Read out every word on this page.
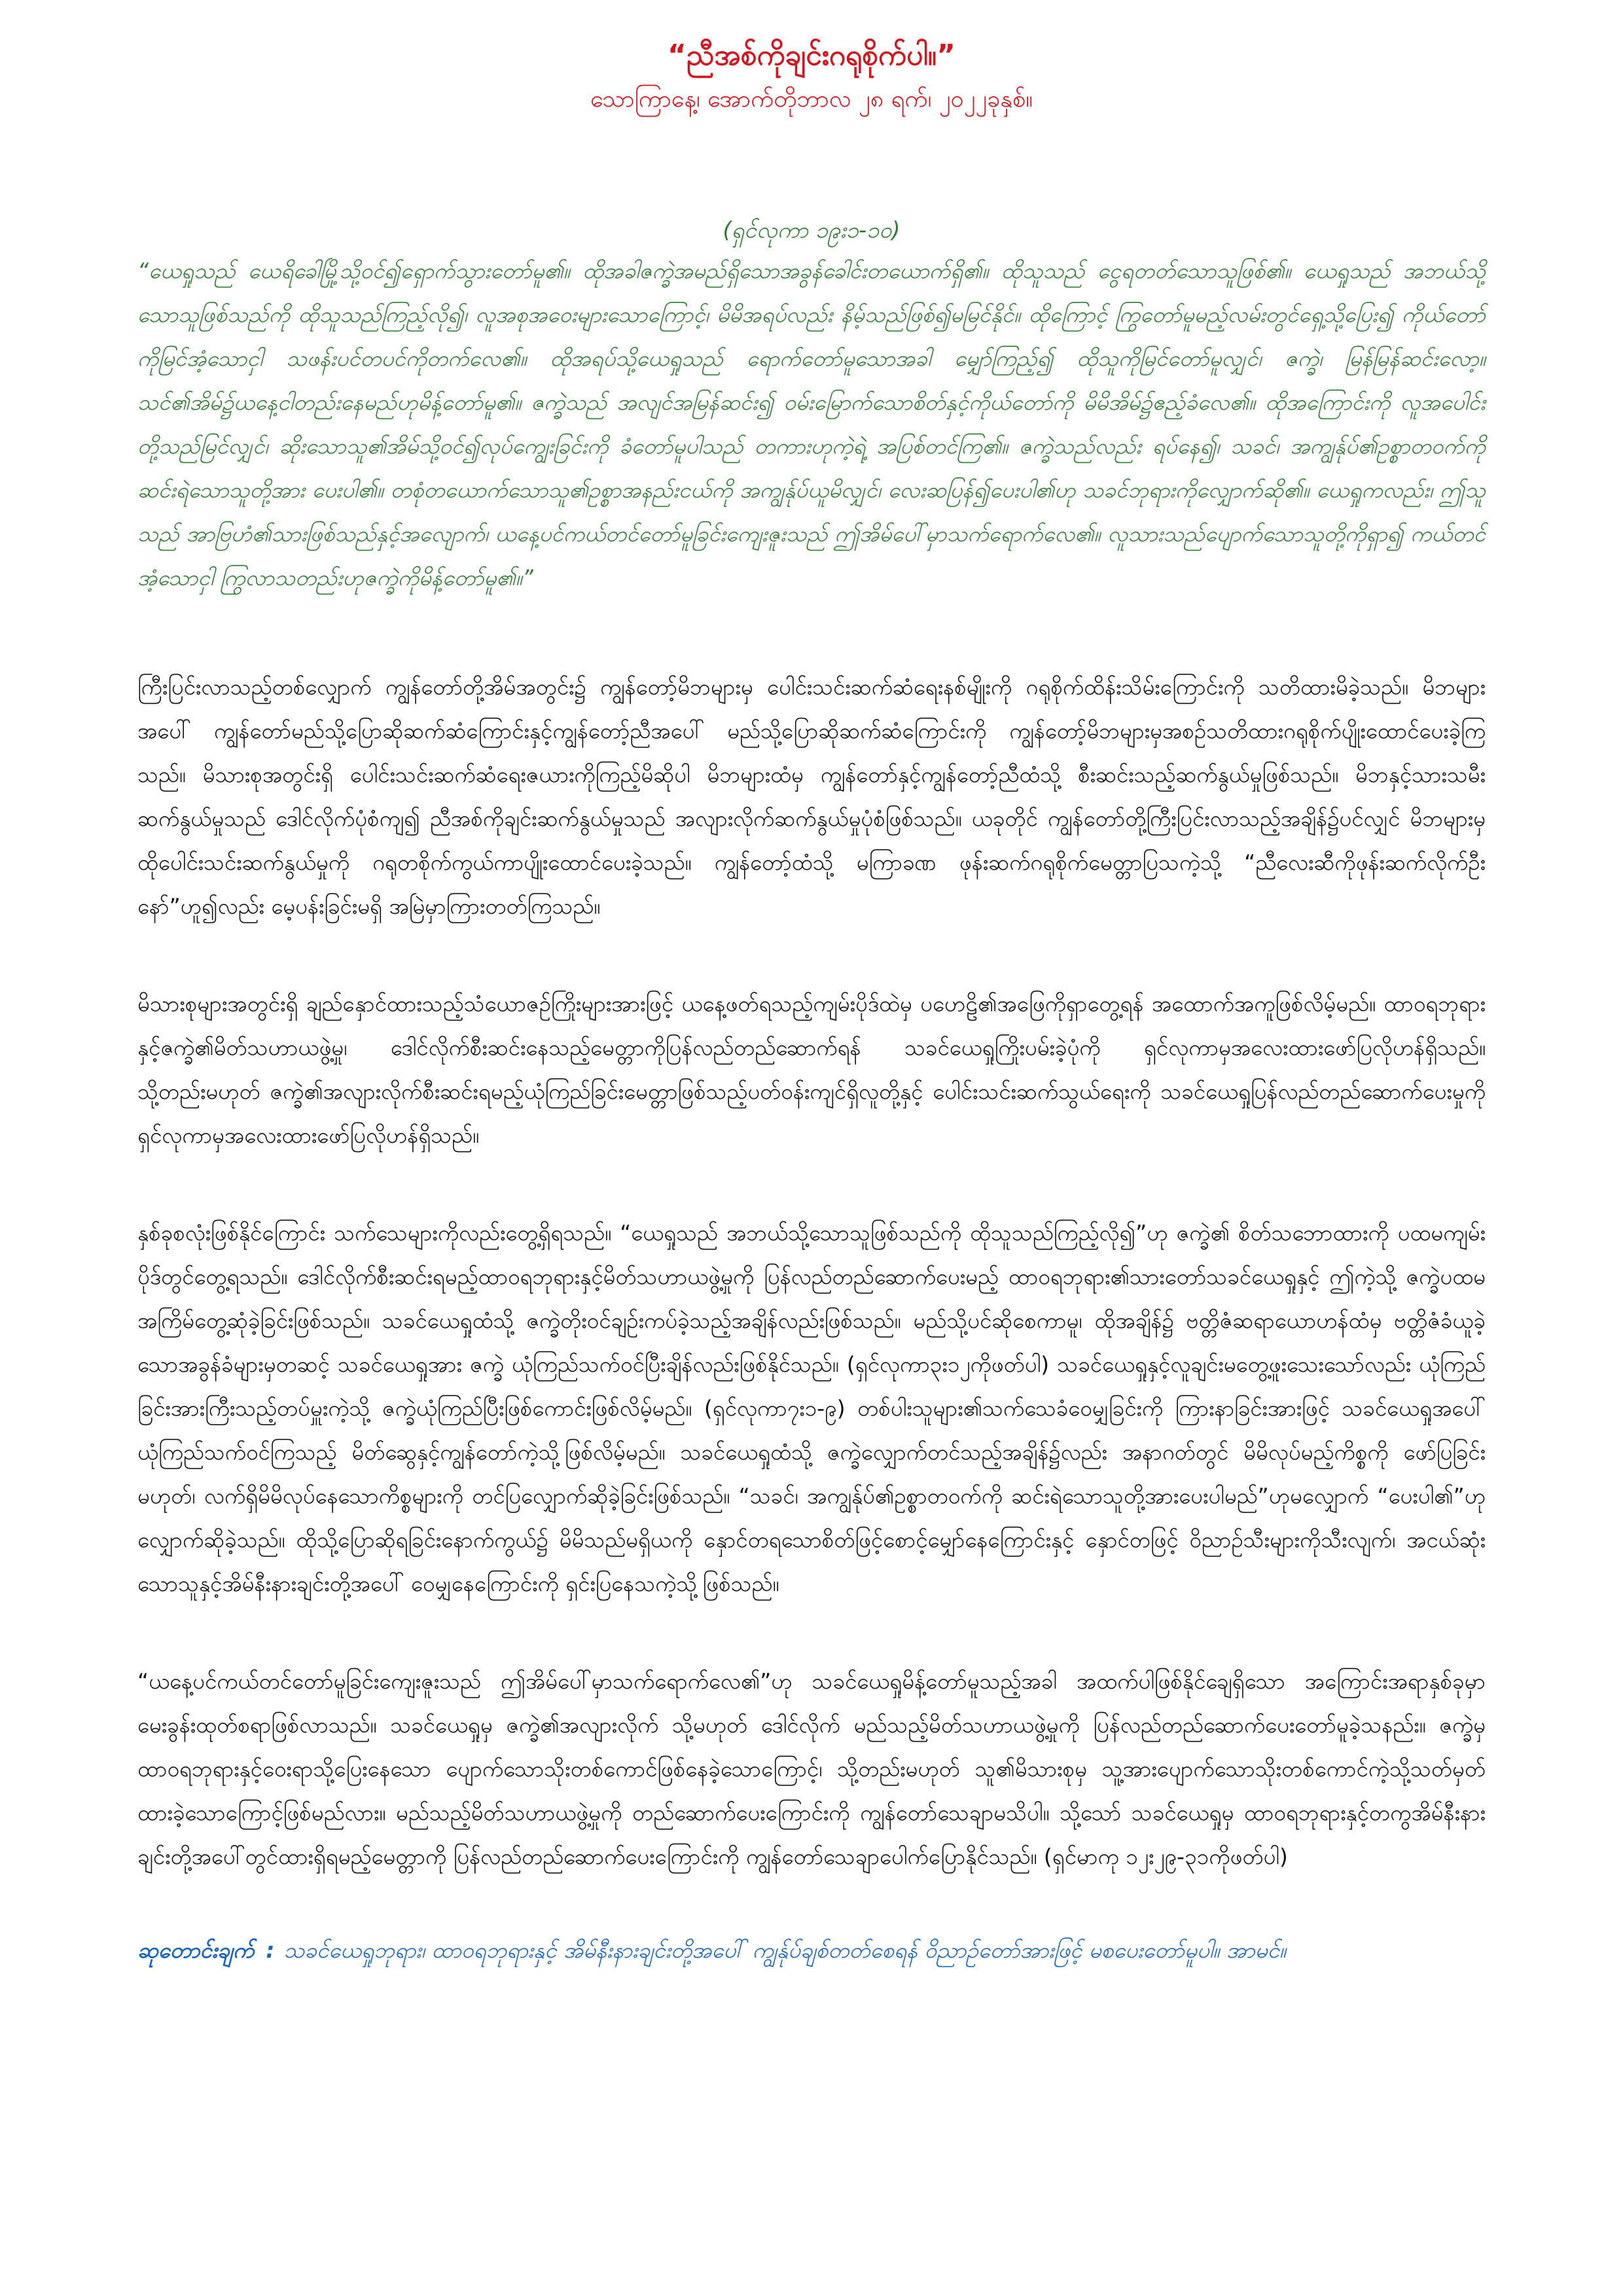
“ညီအစ်ကိုချင်းဂရုစိုက်ပါ။”
သောကြာနေ့၊ အောက်တိုဘာလ ၂၈ ရက်၊ ၂၀၂၂ခုနှစ်။
(ရှင်လုကာ ၁၉း၁-၁၀)

“ယေရှုသည် ယေရိခေါမြို့သို့ဝင်၍ရှောက်သွားတော်မူ၏။ ထိုအခါဇက္ခဲအမည်ရှိသောအခွန်ခေါင်းတယောက်ရှိ၏။ ထိုသူသည် ငွေရတတ်သောသူဖြစ်၏။ ယေရှုသည် အဘယ်သို့သောသူဖြစ်သည်ကို ထိုသူသည်ကြည့်လို၍၊ လူအစုအဝေးများသောကြောင့်၊ မိမိအရပ်လည်း နိမ့်သည်ဖြစ်၍မမြင်နိုင်။ ထိုကြောင့် ကြွတော်မူမည့်လမ်းတွင်ရှေ့သို့ပြေး၍ ကိုယ်တော်ကိုမြင်အံ့သောငှါ သဖန်းပင်တပင်ကိုတက်လေ၏။ ထိုအရပ်သို့ယေရှုသည် ရောက်တော်မူသောအခါ မျှော်ကြည့်၍ ထိုသူကိုမြင်တော်မူလျှင်၊ ဇက္ခဲ၊ မြန်မြန်ဆင်းလော့။ သင်၏အိမ်၌ယနေ့ငါတည်းနေမည်ဟုမိန့်တော်မူ၏။ ဇက္ခဲသည် အလျင်အမြန်ဆင်း၍ ဝမ်းမြောက်သောစိတ်နှင့်ကိုယ်တော်ကို မိမိအိမ်၌ဧည့်ခံလေ၏။ ထိုအကြောင်းကို လူအပေါင်းတို့သည်မြင်လျှင်၊ ဆိုးသောသူ၏အိမ်သို့ဝင်၍လုပ်ကျွေးခြင်းကို ခံတော်မူပါသည် တကားဟုကဲ့ရဲ့ အပြစ်တင်ကြ၏။ ဇက္ခဲသည်လည်း ရပ်နေ၍၊ သခင်၊ အကျွန်ုပ်၏ဥစ္စာတဝက်ကိုဆင်းရဲသောသူတို့အား ပေးပါ၏။ တစုံတယောက်သောသူ၏ဥစ္စာအနည်းငယ်ကို အကျွန်ုပ်ယူမိလျှင်၊ လေးဆပြန်၍ပေးပါ၏ဟု သခင်ဘုရားကိုလျှောက်ဆို၏။ ယေရှုကလည်း၊ ဤသူသည် အာဗြဟံ၏သားဖြစ်သည်နှင့်အလျောက်၊ ယနေ့ပင်ကယ်တင်တော်မူခြင်းကျေးဇူးသည် ဤအိမ်ပေါ်မှာသက်ရောက်လေ၏။ လူသားသည်ပျောက်သောသူတို့ကိုရှာ၍ ကယ်တင်အံ့သောငှါ ကြွလာသတည်းဟုဇက္ခဲကိုမိန့်တော်မူ၏။”

ကြီးပြင်းလာသည့်တစ်လျှောက် ကျွန်တော်တို့အိမ်အတွင်း၌ ကျွန်တော့်မိဘများမှ ပေါင်းသင်းဆက်ဆံရေးနစ်မျိုးကို ဂရုစိုက်ထိန်းသိမ်းကြောင်းကို သတိထားမိခဲ့သည်။ မိဘများအပေါ် ကျွန်တော်မည်သို့ပြောဆိုဆက်ဆံကြောင်းနှင့်ကျွန်တော့်ညီအပေါ် မည်သို့ပြောဆိုဆက်ဆံကြောင်းကို ကျွန်တော့်မိဘများမှအစဉ်သတိထားဂရုစိုက်ပျိုးထောင်ပေးခဲ့ကြသည်။ မိသားစုအတွင်းရှိ ပေါင်းသင်းဆက်ဆံရေးဇယားကိုကြည့်မိဆိုပါ မိဘများထံမှ ကျွန်တော်နှင့်ကျွန်တော့်ညီထံသို့ စီးဆင်းသည့်ဆက်နွယ်မှုဖြစ်သည်။ မိဘနှင့်သားသမီးဆက်နွယ်မှုသည် ဒေါင်လိုက်ပုံစံကျ၍ ညီအစ်ကိုချင်းဆက်နွယ်မှုသည် အလျားလိုက်ဆက်နွယ်မှုပုံစံဖြစ်သည်။ ယခုတိုင် ကျွန်တော်တို့ကြီးပြင်းလာသည့်အချိန်၌ပင်လျှင် မိဘများမှ ထိုပေါင်းသင်းဆက်နွယ်မှုကို ဂရုတစိုက်ကွယ်ကာပျိုးထောင်ပေးခဲ့သည်။ ကျွန်တော့်ထံသို့ မကြာခဏ ဖုန်းဆက်ဂရုစိုက်မေတ္တာပြသကဲ့သို့ “ညီလေးဆီကိုဖုန်းဆက်လိုက်ဦးနော်”ဟူ၍လည်း မေ့ပန်းခြင်းမရှိ အမြဲမှာကြားတတ်ကြသည်။

မိသားစုများအတွင်းရှိ ချည်နှောင်ထားသည့်သံယောဇဉ်ကြိုးများအားဖြင့် ယနေ့ဖတ်ရသည့်ကျမ်းပိုဒ်ထဲမှ ပဟေဠိ၏အဖြေကိုရှာတွေ့ရန် အထောက်အကူဖြစ်လိမ့်မည်။ ထာဝရဘုရားနှင့်ဇက္ခဲ၏မိတ်သဟာယဖွဲ့မှု၊ ဒေါင်လိုက်စီးဆင်းနေသည့်မေတ္တာကိုပြန်လည်တည်ဆောက်ရန် သခင်ယေရှုကြိုးပမ်းခဲ့ပုံကို ရှင်လုကာမှအလေးထားဖော်ပြလိုဟန်ရှိသည်။ သို့တည်းမဟုတ် ဇက္ခဲ၏အလျားလိုက်စီးဆင်းရမည့်ယုံကြည်ခြင်းမေတ္တာဖြစ်သည့်ပတ်ဝန်းကျင်ရှိလူတို့နှင့် ပေါင်းသင်းဆက်သွယ်ရေးကို သခင်ယေရှုပြန်လည်တည်ဆောက်ပေးမှုကို ရှင်လုကာမှအလေးထားဖော်ပြလိုဟန်ရှိသည်။

နှစ်ခုစလုံးဖြစ်နိုင်ကြောင်း သက်သေများကိုလည်းတွေ့ရှိရသည်။ “ယေရှုသည် အဘယ်သို့သောသူဖြစ်သည်ကို ထိုသူသည်ကြည့်လို၍”ဟု ဇက္ခဲ၏ စိတ်သဘောထားကို ပထမကျမ်းပိုဒ်တွင်တွေ့ရသည်။ ဒေါင်လိုက်စီးဆင်းရမည့်ထာဝရဘုရားနှင့်မိတ်သဟာယဖွဲ့မှုကို ပြန်လည်တည်ဆောက်ပေးမည့် ထာဝရဘုရား၏သားတော်သခင်ယေရှုနှင့် ဤကဲ့သို့ ဇက္ခဲပထမအကြိမ်တွေ့ဆုံခဲ့ခြင်းဖြစ်သည်။ သခင်ယေရှုထံသို့ ဇက္ခဲတိုးဝင်ချဉ်းကပ်ခဲ့သည့်အချိန်လည်းဖြစ်သည်။ မည်သို့ပင်ဆိုစေကာမူ၊ ထိုအချိန်၌ ဗတ္တိဇံဆရာယောဟန်ထံမှ ဗတ္တိဇံခံယူခဲ့သောအခွန်ခံများမှတဆင့် သခင်ယေရှုအား ဇက္ခဲ ယုံကြည်သက်ဝင်ပြီးချိန်လည်းဖြစ်နိုင်သည်။ (ရှင်လုကာ၃း၁၂ကိုဖတ်ပါ) သခင်ယေရှုနှင့်လူချင်းမတွေ့ဖူးသေးသော်လည်း ယုံကြည်ခြင်းအားကြီးသည့်တပ်မှူးကဲ့သို့ ဇက္ခဲယုံကြည်ပြီးဖြစ်ကောင်းဖြစ်လိမ့်မည်။ (ရှင်လုကာ၇း၁-၉) တစ်ပါးသူများ၏သက်သေခံဝေမျှခြင်းကို ကြားနာခြင်းအားဖြင့် သခင်ယေရှုအပေါ်ယုံကြည်သက်ဝင်ကြသည့် မိတ်ဆွေနှင့်ကျွန်တော်ကဲ့သို့ဖြစ်လိမ့်မည်။ သခင်ယေရှုထံသို့ ဇက္ခဲလျှောက်တင်သည့်အချိန်၌လည်း အနာဂတ်တွင် မိမိလုပ်မည့်ကိစ္စကို ဖော်ပြခြင်းမဟုတ်၊ လက်ရှိမိမိလုပ်နေသောကိစ္စများကို တင်ပြလျှောက်ဆိုခဲ့ခြင်းဖြစ်သည်။ “သခင်၊ အကျွန်ုပ်၏ဥစ္စာတဝက်ကို ဆင်းရဲသောသူတို့အားပေးပါမည်”ဟုမလျှောက် “ပေးပါ၏”ဟုလျှောက်ဆိုခဲ့သည်။ ထိုသို့ပြောဆိုရခြင်းနောက်ကွယ်၌ မိမိသည်မရှိယကို နှောင်တရသောစိတ်ဖြင့်စောင့်မျှော်နေကြောင်းနှင့် နှောင်တဖြင့် ဝိညာဉ်သီးများကိုသီးလျက်၊ အငယ်ဆုံးသောသူနှင့်အိမ်နီးနားချင်းတို့အပေါ် ဝေမျှနေကြောင်းကို ရှင်းပြနေသကဲ့သို့ဖြစ်သည်။

“ယနေ့ပင်ကယ်တင်တော်မူခြင်းကျေးဇူးသည် ဤအိမ်ပေါ်မှာသက်ရောက်လေ၏”ဟု သခင်ယေရှုမိန့်တော်မူသည့်အခါ အထက်ပါဖြစ်နိုင်ချေရှိသော အကြောင်းအရာနှစ်ခုမှာ မေးခွန်းထုတ်စရာဖြစ်လာသည်။ သခင်ယေရှုမှ ဇက္ခဲ၏အလျားလိုက် သို့မဟုတ် ဒေါင်လိုက် မည်သည့်မိတ်သဟာယဖွဲ့မှုကို ပြန်လည်တည်ဆောက်ပေးတော်မူခဲ့သနည်း။ ဇက္ခဲမှ ထာဝရဘုရားနှင့်ဝေးရာသို့ပြေးနေသော ပျောက်သောသိုးတစ်ကောင်ဖြစ်နေခဲ့သောကြောင့်၊ သို့တည်းမဟုတ် သူ၏မိသားစုမှ သူ့အားပျောက်သောသိုးတစ်ကောင်ကဲ့သို့သတ်မှတ်ထားခဲ့သောကြောင့်ဖြစ်မည်လား။ မည်သည့်မိတ်သဟာယဖွဲ့မှုကို တည်ဆောက်ပေးကြောင်းကို ကျွန်တော်သေချာမသိပါ။ သို့သော် သခင်ယေရှုမှ ထာဝရဘုရားနှင့်တကွအိမ်နီးနား ချင်းတို့အပေါ်တွင်ထားရှိရမည့်မေတ္တာကို ပြန်လည်တည်ဆောက်ပေးကြောင်းကို ကျွန်တော်သေချာပေါက်ပြောနိုင်သည်။ (ရှင်မာကု ၁၂း၂၉-၃၁ကိုဖတ်ပါ)

ဆုတောင်းချက် : သခင်ယေရှုဘုရား၊ ထာဝရဘုရားနှင့် အိမ်နီးနားချင်းတို့အပေါ် ကျွန်ုပ်ချစ်တတ်စေရန် ဝိညာဉ်တော်အားဖြင့် မစပေးတော်မူပါ။ အာမင်။
